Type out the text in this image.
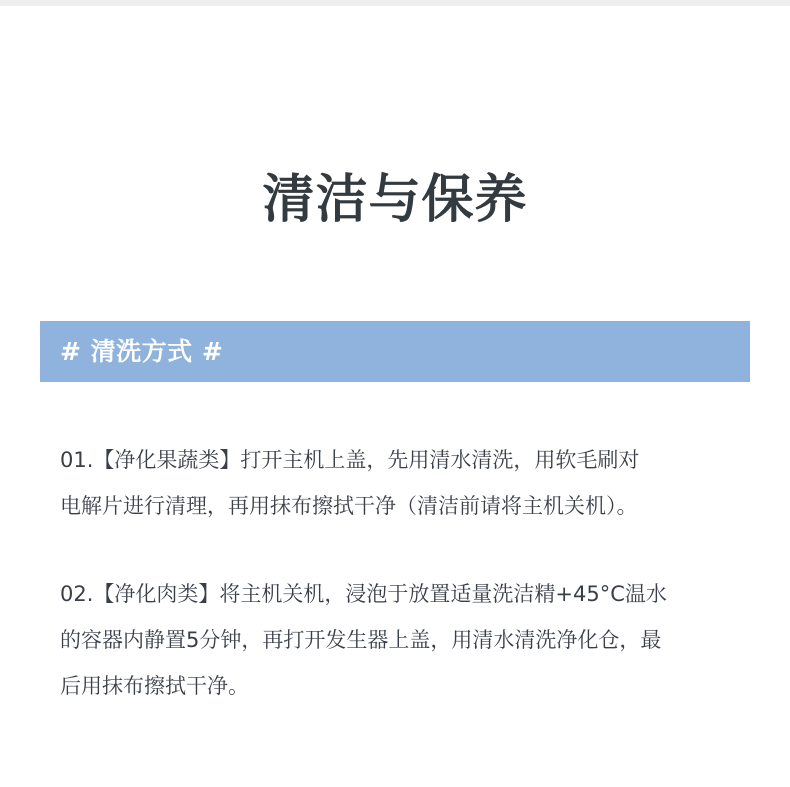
清洁与保养
# 清洗方式 #
01.【净化果蔬类】打开主机上盖，先用清水清洗，用软毛刷对
电解片进行清理，再用抹布擦拭干净（清洁前请将主机关机）。
02.【净化肉类】将主机关机，浸泡于放置适量洗洁精+45°C温水
的容器内静置5分钟，再打开发生器上盖，用清水清洗净化仓，最
后用抹布擦拭干净。
